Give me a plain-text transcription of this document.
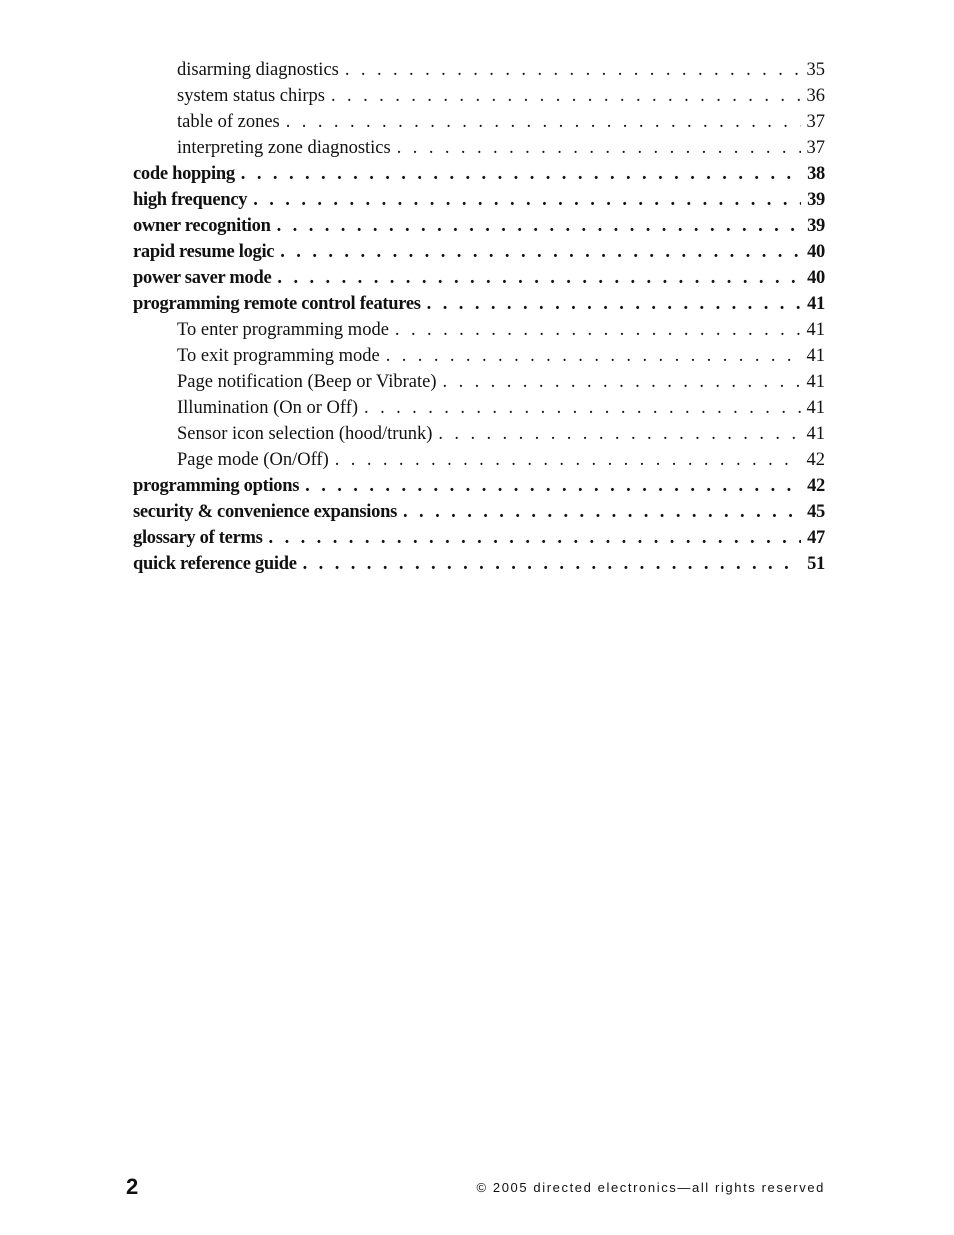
disarming diagnostics . . .	35
system status chirps . . .	36
table of zones . . .	37
interpreting zone diagnostics . . .	37
code hopping . . .	38
high frequency . . .	39
owner recognition . . .	39
rapid resume logic . . .	40
power saver mode . . .	40
programming remote control features . . .	41
To enter programming mode . . .	41
To exit programming mode . . .	41
Page notification (Beep or Vibrate) . . .	41
Illumination (On or Off) . . .	41
Sensor icon selection (hood/trunk) . . .	41
Page mode (On/Off) . . .	42
programming options . . .	42
security & convenience expansions . . .	45
glossary of terms . . .	47
quick reference guide . . .	51
2	© 2005 directed electronics—all rights reserved
